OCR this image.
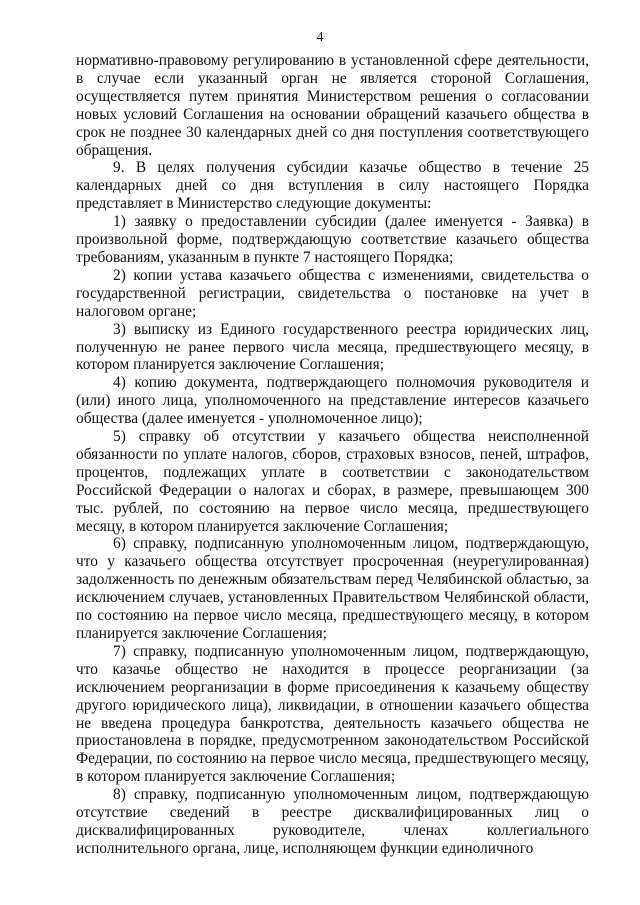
4

нормативно-правовому регулированию в установленной сфере деятельности, в случае если указанный орган не является стороной Соглашения, осуществляется путем принятия Министерством решения о согласовании новых условий Соглашения на основании обращений казачьего общества в срок не позднее 30 календарных дней со дня поступления соответствующего обращения.

9. В целях получения субсидии казачье общество в течение 25 календарных дней со дня вступления в силу настоящего Порядка представляет в Министерство следующие документы:

1) заявку о предоставлении субсидии (далее именуется - Заявка) в произвольной форме, подтверждающую соответствие казачьего общества требованиям, указанным в пункте 7 настоящего Порядка;

2) копии устава казачьего общества с изменениями, свидетельства о государственной регистрации, свидетельства о постановке на учет в налоговом органе;

3) выписку из Единого государственного реестра юридических лиц, полученную не ранее первого числа месяца, предшествующего месяцу, в котором планируется заключение Соглашения;

4) копию документа, подтверждающего полномочия руководителя и (или) иного лица, уполномоченного на представление интересов казачьего общества (далее именуется - уполномоченное лицо);

5) справку об отсутствии у казачьего общества неисполненной обязанности по уплате налогов, сборов, страховых взносов, пеней, штрафов, процентов, подлежащих уплате в соответствии с законодательством Российской Федерации о налогах и сборах, в размере, превышающем 300 тыс. рублей, по состоянию на первое число месяца, предшествующего месяцу, в котором планируется заключение Соглашения;

6) справку, подписанную уполномоченным лицом, подтверждающую, что у казачьего общества отсутствует просроченная (неурегулированная) задолженность по денежным обязательствам перед Челябинской областью, за исключением случаев, установленных Правительством Челябинской области, по состоянию на первое число месяца, предшествующего месяцу, в котором планируется заключение Соглашения;

7) справку, подписанную уполномоченным лицом, подтверждающую, что казачье общество не находится в процессе реорганизации (за исключением реорганизации в форме присоединения к казачьему обществу другого юридического лица), ликвидации, в отношении казачьего общества не введена процедура банкротства, деятельность казачьего общества не приостановлена в порядке, предусмотренном законодательством Российской Федерации, по состоянию на первое число месяца, предшествующего месяцу, в котором планируется заключение Соглашения;

8) справку, подписанную уполномоченным лицом, подтверждающую отсутствие сведений в реестре дисквалифицированных лиц о дисквалифицированных руководителе, членах коллегиального исполнительного органа, лице, исполняющем функции единоличного
